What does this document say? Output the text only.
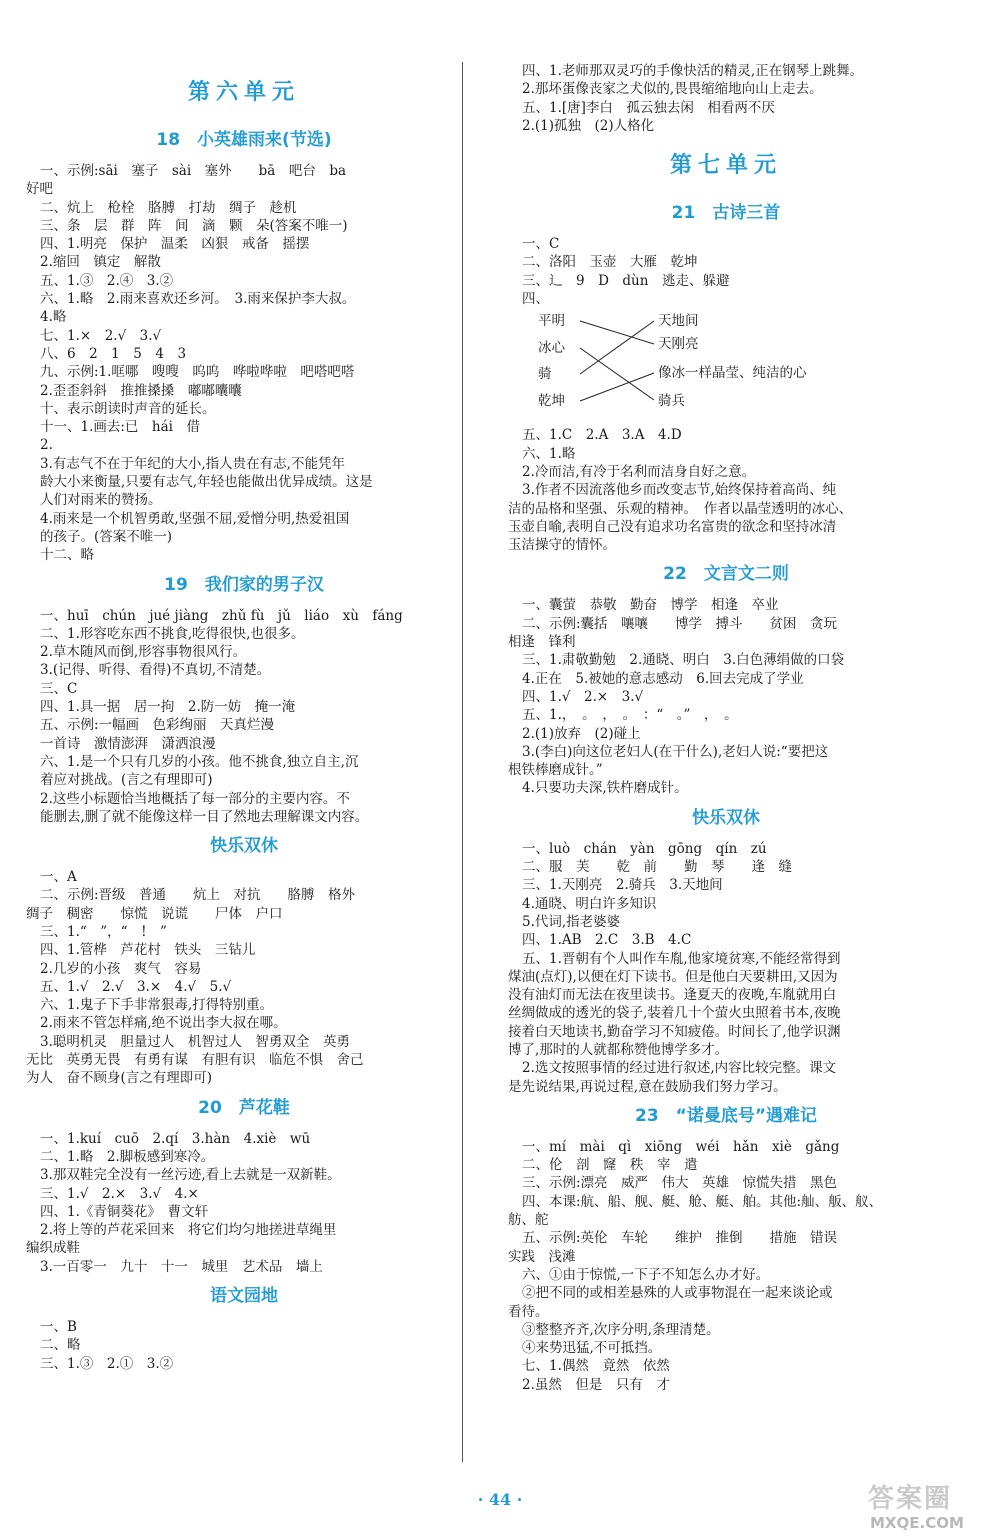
第六单元
18　小英雄雨来(节选)
一、示例:sāi　塞子　sài　塞外　　bā　吧台　ba
好吧
二、炕上　枪栓　胳膊　打劫　绸子　趁机
三、条　层　群　阵　间　滴　颗　朵(答案不唯一)
四、1.明亮　保护　温柔　凶狠　戒备　摇摆
2.缩回　镇定　解散
五、1.③　2.④　3.②
六、1.略　2.雨来喜欢还乡河。　3.雨来保护李大叔。
4.略
七、1.×　2.√　3.√
八、6　2　1　5　4　3
九、示例:1.哐哪　嗖嗖　呜呜　哗啦哗啦　吧嗒吧嗒
2.歪歪斜斜　推推搡搡　嘟嘟囔囔
十、表示朗读时声音的延长。
十一、1.画去:已　hái　借
2.
3.有志气不在于年纪的大小,指人贵在有志,不能凭年
龄大小来衡量,只要有志气,年轻也能做出优异成绩。这是
人们对雨来的赞扬。
4.雨来是一个机智勇敢,坚强不屈,爱憎分明,热爱祖国
的孩子。(答案不唯一)
十二、略
19　我们家的男子汉
一、huī　chún　jué jiàng　zhǔ fù　jǔ　liáo　xù　fáng
二、1.形容吃东西不挑食,吃得很快,也很多。
2.草木随风而倒,形容事物很风行。
3.(记得、听得、看得)不真切,不清楚。
三、C
四、1.具一据　居一拘　2.防一妨　掩一淹
五、示例:一幅画　色彩绚丽　天真烂漫
一首诗　激情澎湃　潇洒浪漫
六、1.是一个只有几岁的小孩。他不挑食,独立自主,沉
着应对挑战。(言之有理即可)
2.这些小标题恰当地概括了每一部分的主要内容。不
能删去,删了就不能像这样一目了然地去理解课文内容。
快乐双休
一、A
二、示例:晋级　普通　　炕上　对抗　　胳膊　格外
绸子　稠密　　惊慌　说谎　　尸体　户口
三、1.“　”，“　!　”
四、1.管桦　芦花村　铁头　三钻儿
2.几岁的小孩　爽气　容易
五、1.√　2.√　3.×　4.√　5.√
六、1.鬼子下手非常狠毒,打得特别重。
2.雨来不管怎样痛,绝不说出李大叔在哪。
3.聪明机灵　胆量过人　机智过人　智勇双全　英勇
无比　英勇无畏　有勇有谋　有胆有识　临危不惧　舍己
为人　奋不顾身(言之有理即可)
20　芦花鞋
一、1.kuí　cuō　2.qí　3.hàn　4.xiè　wū
二、1.略　2.脚板感到寒冷。
3.那双鞋完全没有一丝污迹,看上去就是一双新鞋。
三、1.√　2.×　3.√　4.×
四、1.《青铜葵花》　曹文轩
2.将上等的芦花采回来　将它们均匀地搓进草绳里
编织成鞋
3.一百零一　九十　十一　城里　艺术品　墙上
语文园地
一、B
二、略
三、1.③　2.①　3.②
四、1.老师那双灵巧的手像快活的精灵,正在钢琴上跳舞。
2.那坏蛋像丧家之犬似的,畏畏缩缩地向山上走去。
五、1.[唐]李白　孤云独去闲　相看两不厌
2.(1)孤独　(2)人格化
第七单元
21　古诗三首
一、C
二、洛阳　玉壶　大雁　乾坤
三、辶　9　D　dùn　逃走、躲避
四、
平明
冰心
骑
乾坤
天地间
天刚亮
像冰一样晶莹、纯洁的心
骑兵
五、1.C　2.A　3.A　4.D
六、1.略
2.冷而洁,有冷于名利而洁身自好之意。
3.作者不因流落他乡而改变志节,始终保持着高尚、纯
洁的品格和坚强、乐观的精神。　作者以晶莹透明的冰心、
玉壶自喻,表明自己没有追求功名富贵的欲念和坚持冰清
玉洁操守的情怀。
22　文言文二则
一、囊萤　恭敬　勤奋　博学　相逢　卒业
二、示例:囊括　嚷嚷　　博学　搏斗　　贫困　贪玩
相逢　锋利
三、1.肃敬勤勉　2.通晓、明白　3.白色薄绢做的口袋
4.正在　5.被她的意志感动　6.回去完成了学业
四、1.√　2.×　3.√
五、1.，　。　，　。　：“　。”　，　。
2.(1)放弃　(2)碰上
3.(李白)向这位老妇人(在干什么),老妇人说:“要把这
根铁棒磨成针。”
4.只要功夫深,铁杵磨成针。
快乐双休
一、luò　chán　yàn　gōng　qín　zú
二、服　芙　　乾　前　　勤　琴　　逢　缝
三、1.天刚亮　2.骑兵　3.天地间
4.通晓、明白许多知识
5.代词,指老婆婆
四、1.AB　2.C　3.B　4.C
五、1.晋朝有个人叫作车胤,他家境贫寒,不能经常得到
煤油(点灯),以便在灯下读书。但是他白天要耕田,又因为
没有油灯而无法在夜里读书。逢夏天的夜晚,车胤就用白
丝绸做成的透光的袋子,装着几十个萤火虫照着书本,夜晚
接着白天地读书,勤奋学习不知疲倦。时间长了,他学识渊
博了,那时的人就都称赞他博学多才。
2.选文按照事情的经过进行叙述,内容比较完整。课文
是先说结果,再说过程,意在鼓励我们努力学习。
23　“诺曼底号”遇难记
一、mí　mài　qì　xiōng　wéi　hǎn　xiè　gǎng
二、伦　剖　窿　秩　宰　遣
三、示例:漂亮　威严　伟大　英雄　惊慌失措　黑色
四、本课:航、船、舰、艇、舱、艇、舶。其他:舢、舨、舣、
舫、舵
五、示例:英伦　车轮　　维护　推倒　　措施　错误
实践　浅滩
六、①由于惊慌,一下子不知怎么办才好。
②把不同的或相差悬殊的人或事物混在一起来谈论或
看待。
③整整齐齐,次序分明,条理清楚。
④来势迅猛,不可抵挡。
七、1.偶然　竟然　依然
2.虽然　但是　只有　才
· 44 ·	答案圈
MXQE.COM
